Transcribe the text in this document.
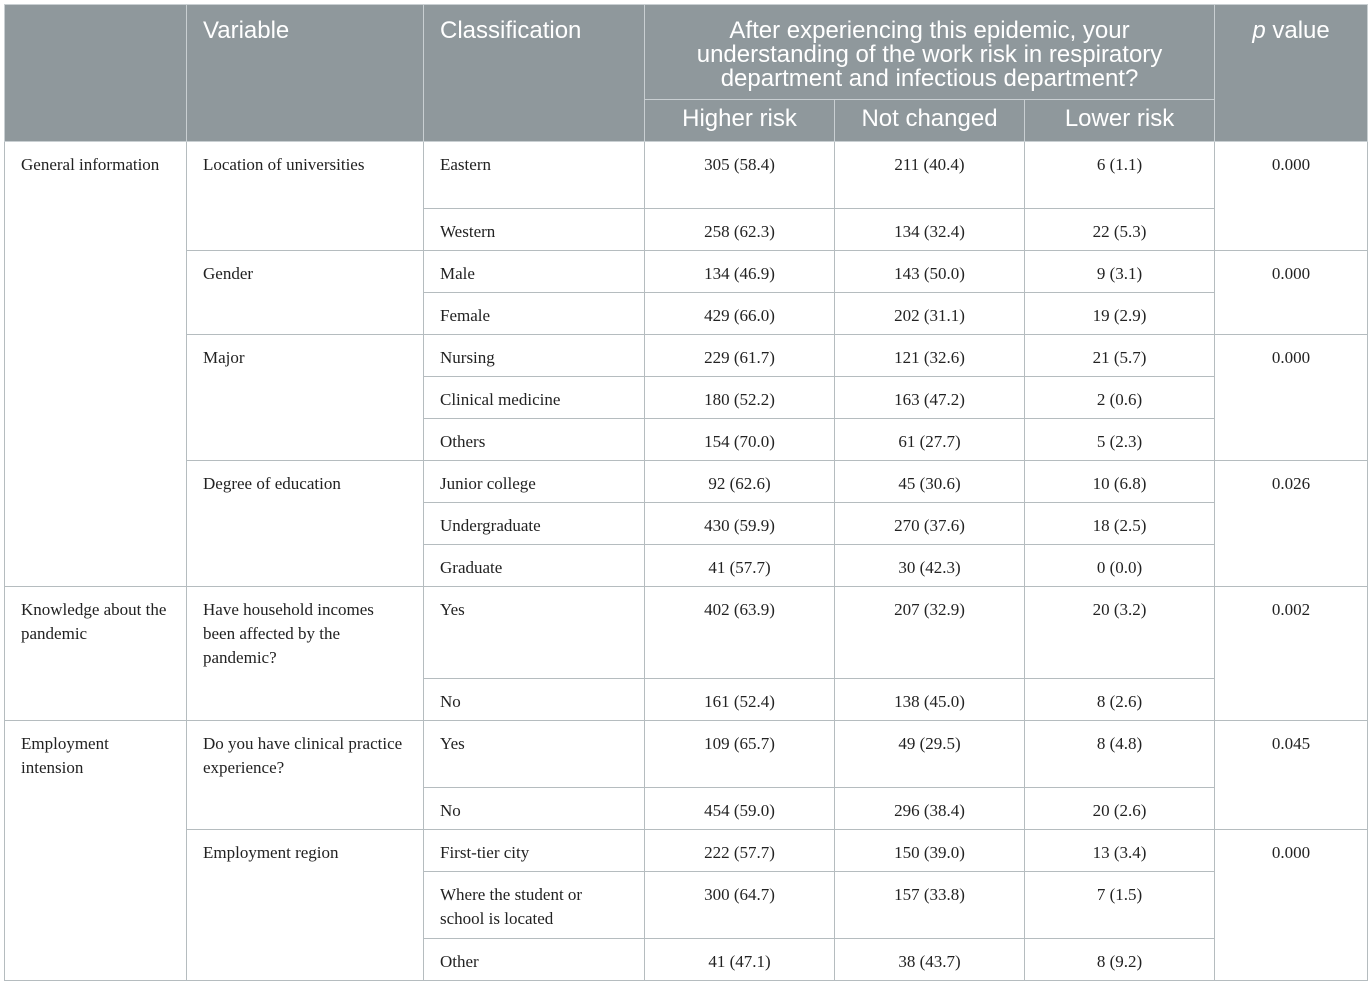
	Variable	Classification	After experiencing this epidemic, your understanding of the work risk in respiratory department and infectious department?			p value
			Higher risk	Not changed	Lower risk	
General information	Location of universities	Eastern	305 (58.4)	211 (40.4)	6 (1.1)	0.000
		Western	258 (62.3)	134 (32.4)	22 (5.3)	
	Gender	Male	134 (46.9)	143 (50.0)	9 (3.1)	0.000
		Female	429 (66.0)	202 (31.1)	19 (2.9)	
	Major	Nursing	229 (61.7)	121 (32.6)	21 (5.7)	0.000
		Clinical medicine	180 (52.2)	163 (47.2)	2 (0.6)	
		Others	154 (70.0)	61 (27.7)	5 (2.3)	
	Degree of education	Junior college	92 (62.6)	45 (30.6)	10 (6.8)	0.026
		Undergraduate	430 (59.9)	270 (37.6)	18 (2.5)	
		Graduate	41 (57.7)	30 (42.3)	0 (0.0)	
Knowledge about the pandemic	Have household incomes been affected by the pandemic?	Yes	402 (63.9)	207 (32.9)	20 (3.2)	0.002
		No	161 (52.4)	138 (45.0)	8 (2.6)	
Employment intension	Do you have clinical practice experience?	Yes	109 (65.7)	49 (29.5)	8 (4.8)	0.045
		No	454 (59.0)	296 (38.4)	20 (2.6)	
	Employment region	First-tier city	222 (57.7)	150 (39.0)	13 (3.4)	0.000
		Where the student or school is located	300 (64.7)	157 (33.8)	7 (1.5)	
		Other	41 (47.1)	38 (43.7)	8 (9.2)	
